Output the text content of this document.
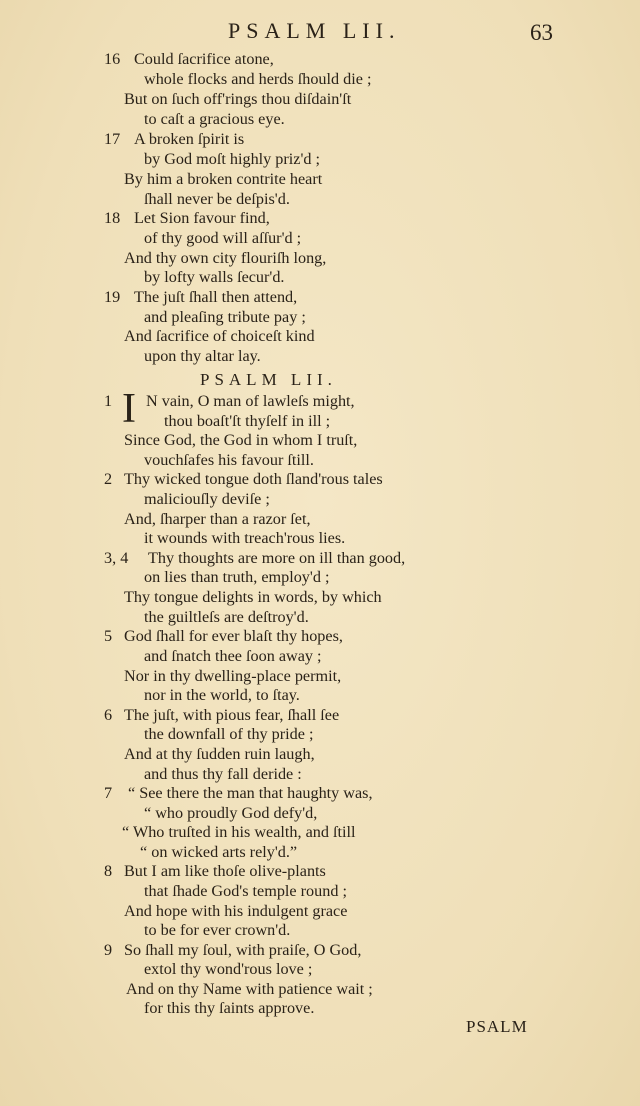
PSALM LII.	63
16 Could ſacrifice atone,
whole flocks and herds ſhould die ;
But on ſuch off'rings thou diſdain'ſt
to caſt a gracious eye.
17 A broken ſpirit is
by God moſt highly priz'd ;
By him a broken contrite heart
ſhall never be deſpis'd.
18 Let Sion favour find,
of thy good will aſſur'd ;
And thy own city flouriſh long,
by lofty walls ſecur'd.
19 The juſt ſhall then attend,
and pleaſing tribute pay ;
And ſacrifice of choiceſt kind
upon thy altar lay.
PSALM LII.
1 I N vain, O man of lawleſs might,
thou boaſt'ſt thyſelf in ill ;
Since God, the God in whom I truſt,
vouchſafes his favour ſtill.
2 Thy wicked tongue doth ſland'rous tales
maliciouſly deviſe ;
And, ſharper than a razor ſet,
it wounds with treach'rous lies.
3, 4 Thy thoughts are more on ill than good,
on lies than truth, employ'd ;
Thy tongue delights in words, by which
the guiltleſs are deſtroy'd.
5 God ſhall for ever blaſt thy hopes,
and ſnatch thee ſoon away ;
Nor in thy dwelling-place permit,
nor in the world, to ſtay.
6 The juſt, with pious fear, ſhall ſee
the downfall of thy pride ;
And at thy ſudden ruin laugh,
and thus thy fall deride :
7 “ See there the man that haughty was,
“ who proudly God defy'd,
“ Who truſted in his wealth, and ſtill
“ on wicked arts rely'd.”
8 But I am like thoſe olive-plants
that ſhade God's temple round ;
And hope with his indulgent grace
to be for ever crown'd.
9 So ſhall my ſoul, with praiſe, O God,
extol thy wond'rous love ;
And on thy Name with patience wait ;
for this thy ſaints approve.
PSALM
